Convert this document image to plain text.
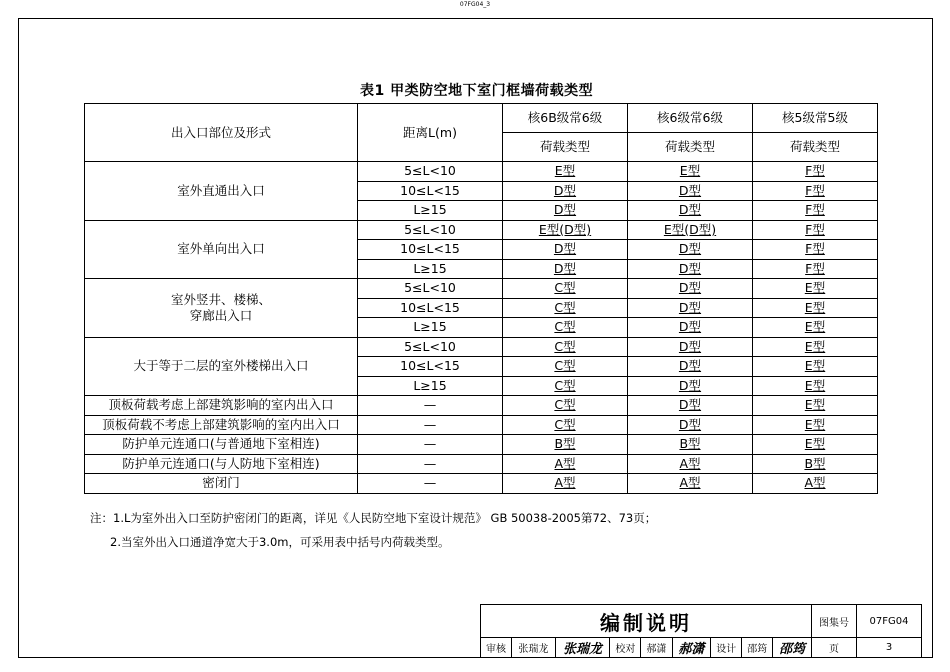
07FG04_3
表1 甲类防空地下室门框墙荷载类型
出入口部位及形式	距离L(m)	核6B级常6级	核6级常6级	核5级常5级
		荷载类型	荷载类型	荷载类型

室外直通出入口	5≤L<10	E型	E型	F型
	10≤L<15	D型	D型	F型
	L≥15	D型	D型	F型

室外单向出入口	5≤L<10	E型(D型)	E型(D型)	F型
	10≤L<15	D型	D型	F型
	L≥15	D型	D型	F型

室外竖井、楼梯、
穿廊出入口	5≤L<10	C型	D型	E型
	10≤L<15	C型	D型	E型
	L≥15	C型	D型	E型

大于等于二层的室外楼梯出入口	5≤L<10	C型	D型	E型
	10≤L<15	C型	D型	E型
	L≥15	C型	D型	E型
顶板荷载考虑上部建筑影响的室内出入口	—	C型	D型	E型
顶板荷载不考虑上部建筑影响的室内出入口	—	C型	D型	E型
防护单元连通口(与普通地下室相连)	—	B型	B型	E型
防护单元连通口(与人防地下室相连)	—	A型	A型	B型
密闭门	—	A型	A型	A型
注：1.L为室外出入口至防护密闭门的距离，详见《人民防空地下室设计规范》 GB 50038-2005第72、73页；
2.当室外出入口通道净宽大于3.0m，可采用表中括号内荷载类型。
编制说明									图集号	07FG04
审核	张瑞龙	张瑞龙	校对	郝潇	郝潇	设计	邵筠	邵筠	页	3
